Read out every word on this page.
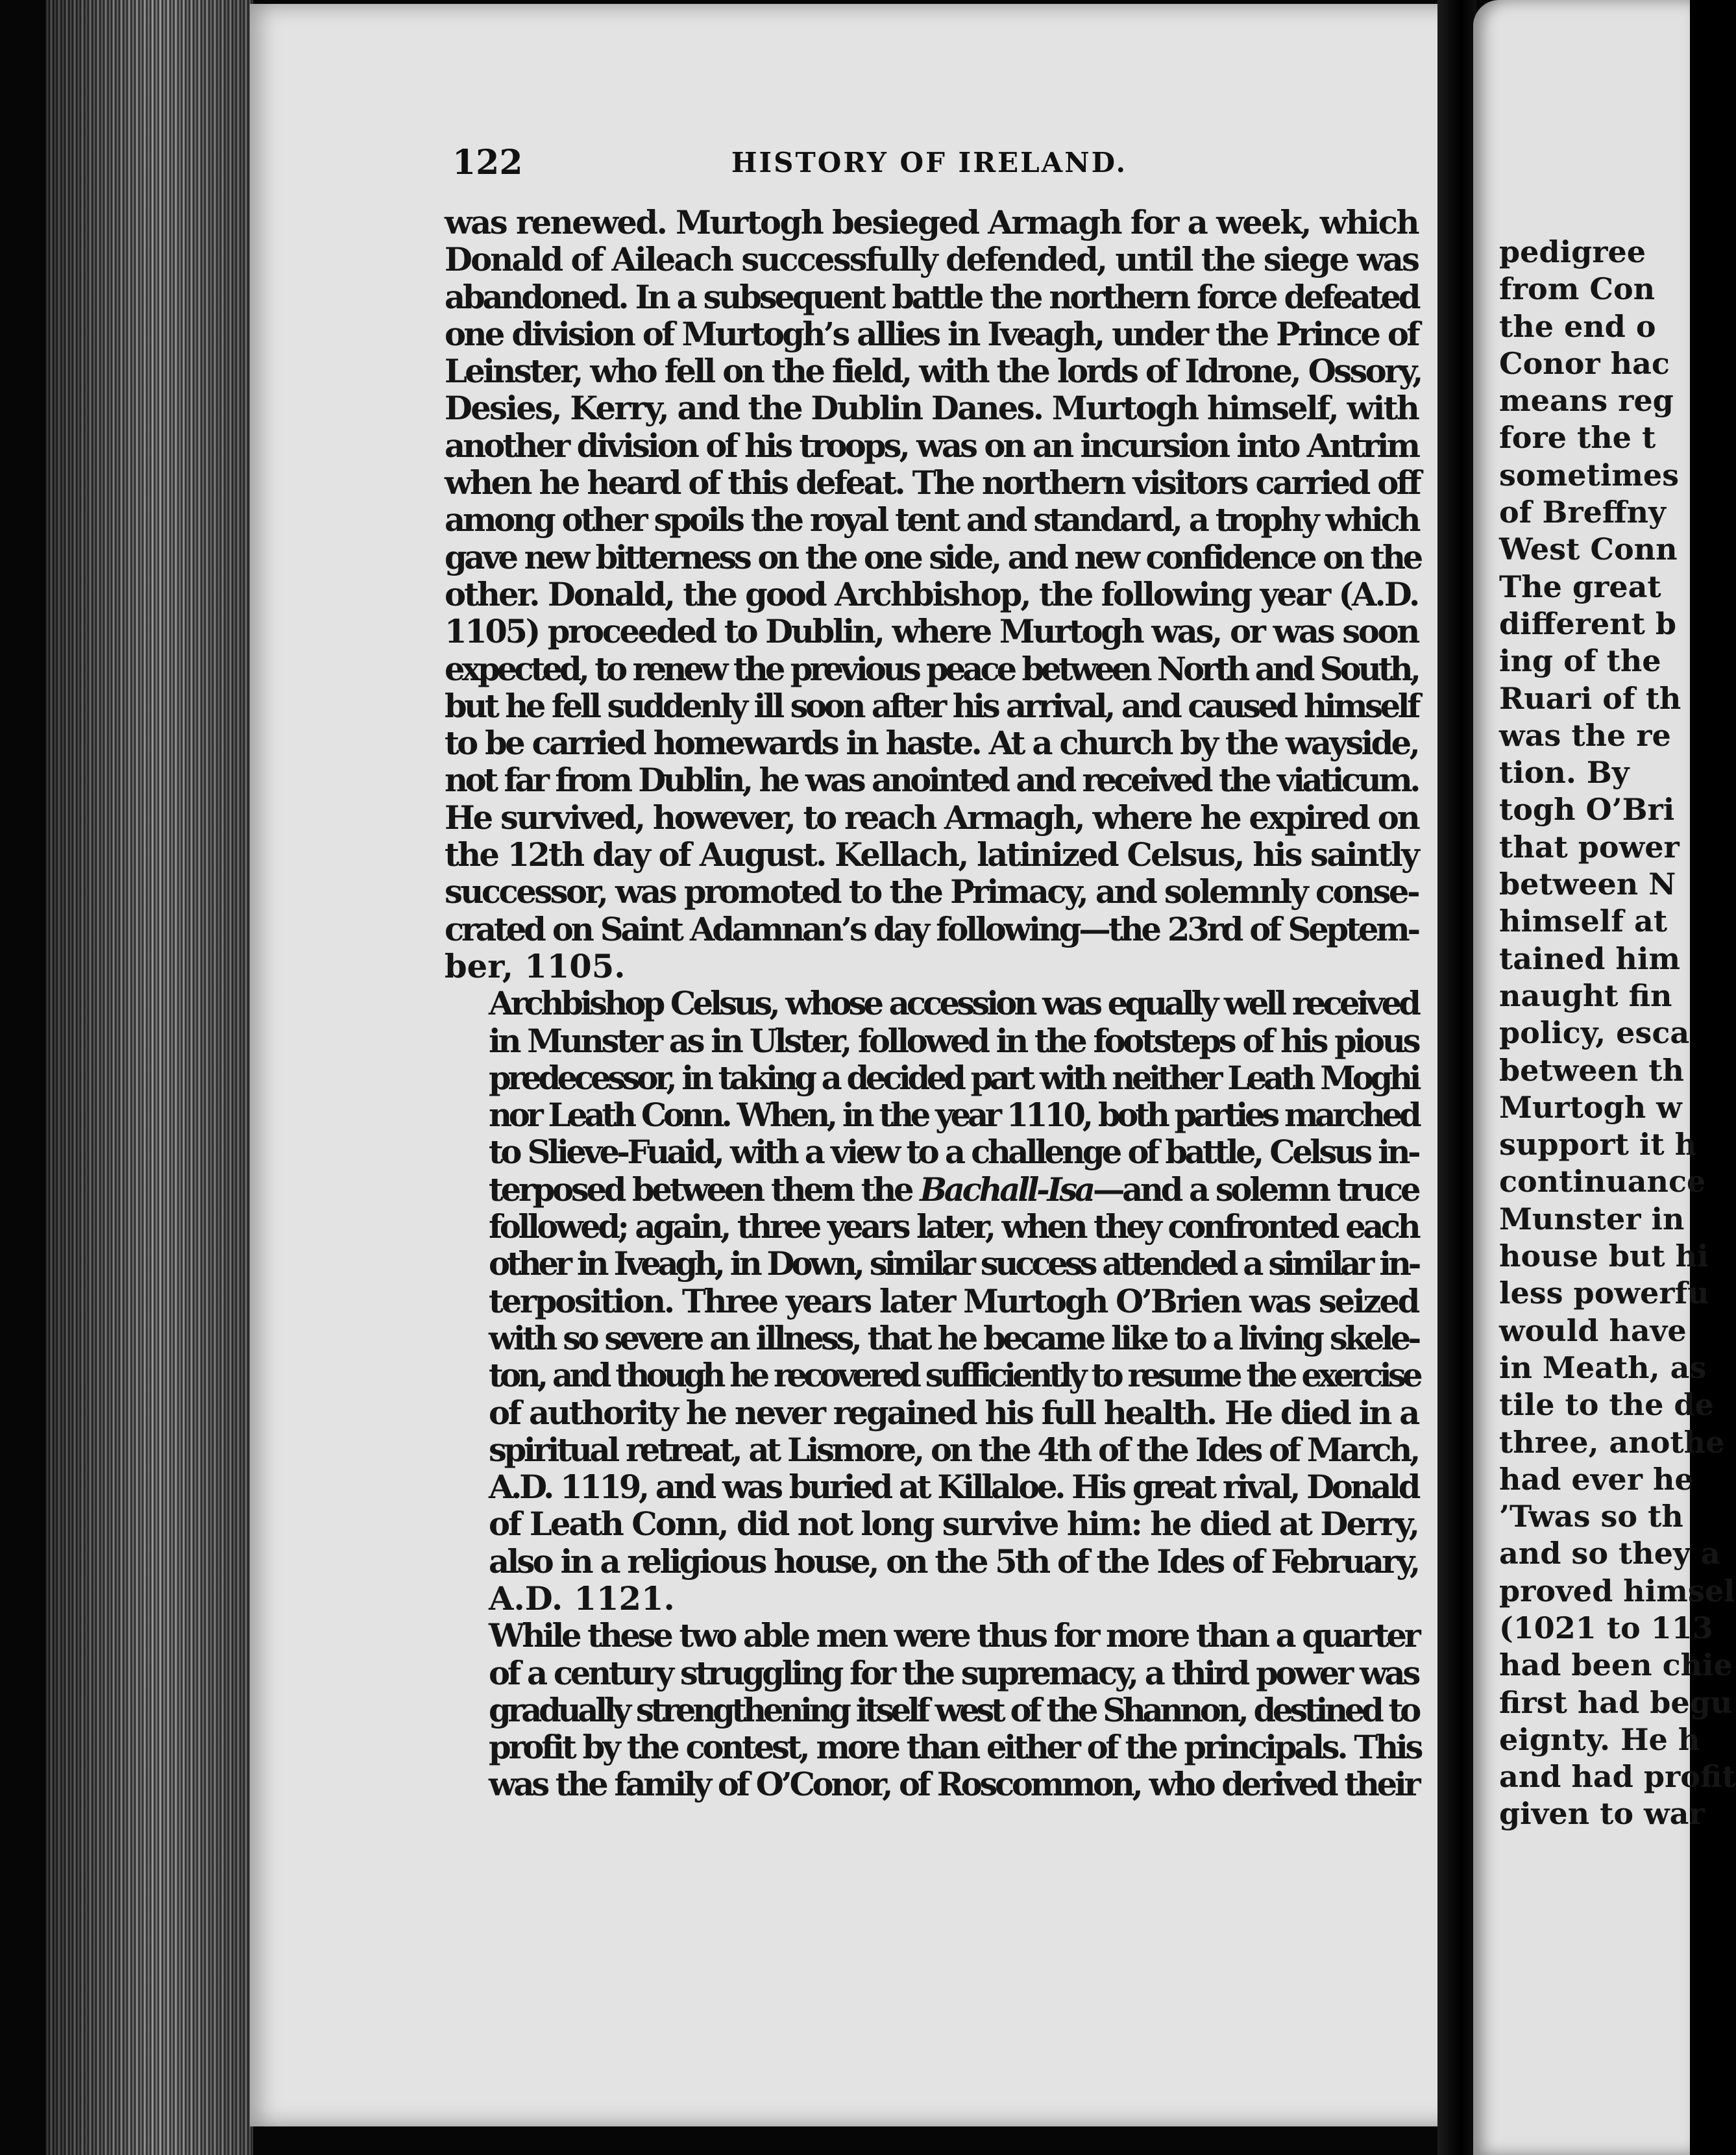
122	HISTORY OF IRELAND.
was renewed. Murtogh besieged Armagh for a week, which
Donald of Aileach successfully defended, until the siege was
abandoned. In a subsequent battle the northern force defeated
one division of Murtogh’s allies in Iveagh, under the Prince of
Leinster, who fell on the field, with the lords of Idrone, Ossory,
Desies, Kerry, and the Dublin Danes. Murtogh himself, with
another division of his troops, was on an incursion into Antrim
when he heard of this defeat. The northern visitors carried off
among other spoils the royal tent and standard, a trophy which
gave new bitterness on the one side, and new confidence on the
other. Donald, the good Archbishop, the following year (A.D.
1105) proceeded to Dublin, where Murtogh was, or was soon
expected, to renew the previous peace between North and South,
but he fell suddenly ill soon after his arrival, and caused himself
to be carried homewards in haste. At a church by the wayside,
not far from Dublin, he was anointed and received the viaticum.
He survived, however, to reach Armagh, where he expired on
the 12th day of August. Kellach, latinized Celsus, his saintly
successor, was promoted to the Primacy, and solemnly conse-
crated on Saint Adamnan’s day following—the 23rd of Septem-
ber, 1105.
Archbishop Celsus, whose accession was equally well received
in Munster as in Ulster, followed in the footsteps of his pious
predecessor, in taking a decided part with neither Leath Moghi
nor Leath Conn. When, in the year 1110, both parties marched
to Slieve-Fuaid, with a view to a challenge of battle, Celsus in-
terposed between them the Bachall-Isa—and a solemn truce
followed; again, three years later, when they confronted each
other in Iveagh, in Down, similar success attended a similar in-
terposition. Three years later Murtogh O’Brien was seized
with so severe an illness, that he became like to a living skele-
ton, and though he recovered sufficiently to resume the exercise
of authority he never regained his full health. He died in a
spiritual retreat, at Lismore, on the 4th of the Ides of March,
A.D. 1119, and was buried at Killaloe. His great rival, Donald
of Leath Conn, did not long survive him: he died at Derry,
also in a religious house, on the 5th of the Ides of February,
A.D. 1121.
While these two able men were thus for more than a quarter
of a century struggling for the supremacy, a third power was
gradually strengthening itself west of the Shannon, destined to
profit by the contest, more than either of the principals. This
was the family of O’Conor, of Roscommon, who derived their
pedigree
from Con
the end o
Conor hac
means reg
fore the t
sometimes
of Breffny
West Conn
The great
different b
ing of the
Ruari of th
was the re
tion. By
togh O’Bri
that power
between N
himself at
tained him
naught fin
policy, esca
between th
Murtogh w
support it h
continuance
Munster in
house but hi
less powerfu
would have
in Meath, as
tile to the de
three, anothe
had ever he
’Twas so th
and so they a
proved himsel
(1021 to 113
had been chie
first had begu
eignty. He h
and had profit
given to war
